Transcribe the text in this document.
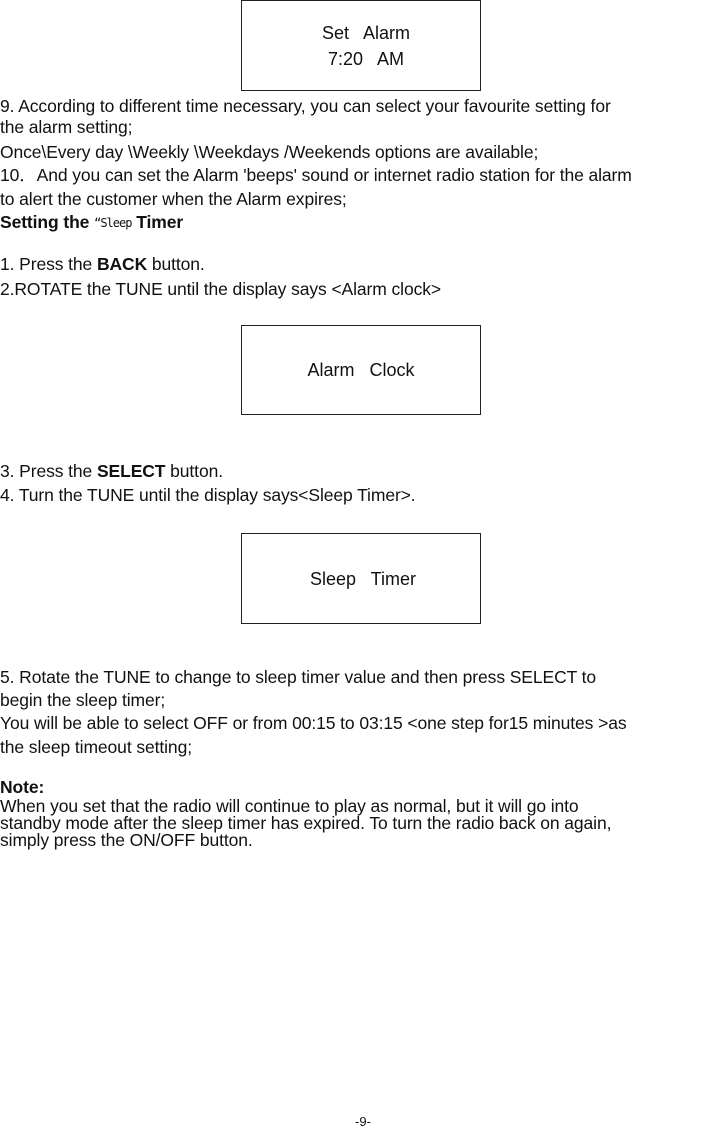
Set   Alarm
7:20   AM

9. According to different time necessary, you can select your favourite setting for

the alarm setting;

Once\Every day \Weekly \Weekdays /Weekends options are available;

10．And you can set the Alarm 'beeps' sound or internet radio station for the alarm

to alert the customer when the Alarm expires;

Setting the “Sleep Timer

1. Press the BACK button.

2.ROTATE the TUNE until the display says <Alarm clock>

Alarm   Clock

3. Press the SELECT button.

4. Turn the TUNE until the display says<Sleep Timer>.

Sleep   Timer

5. Rotate the TUNE to change to sleep timer value and then press SELECT to

begin the sleep timer;

You will be able to select OFF or from 00:15 to 03:15 <one step for15 minutes >as

the sleep timeout setting;

Note:

When you set that the radio will continue to play as normal, but it will go into

standby mode after the sleep timer has expired. To turn the radio back on again,

simply press the ON/OFF button.

-9-
